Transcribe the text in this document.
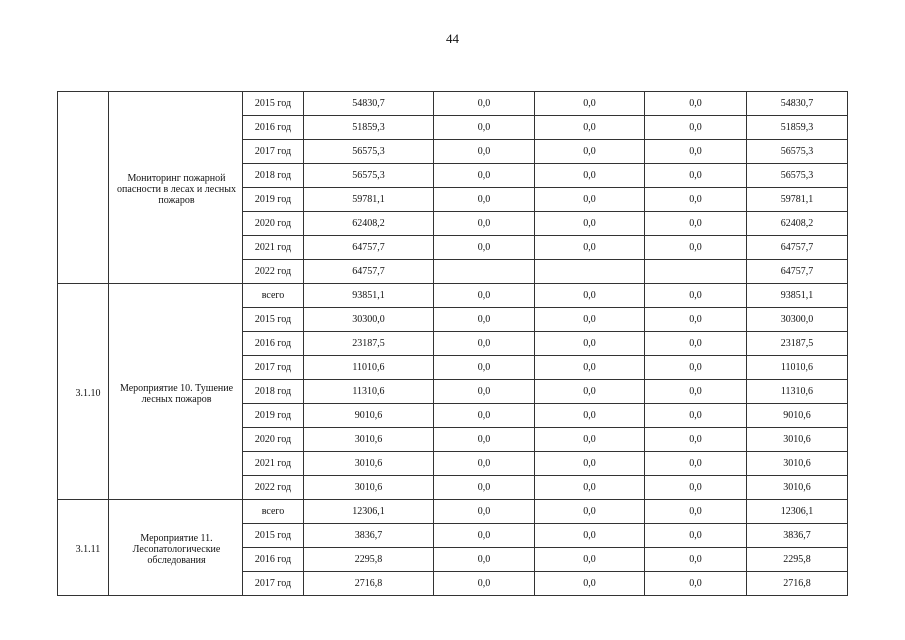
44
	Мониторинг пожарной опасности в лесах и лесных пожаров	2015 год	54830,7	0,0	0,0	0,0	54830,7
		2016 год	51859,3	0,0	0,0	0,0	51859,3
		2017 год	56575,3	0,0	0,0	0,0	56575,3
		2018 год	56575,3	0,0	0,0	0,0	56575,3
		2019 год	59781,1	0,0	0,0	0,0	59781,1
		2020 год	62408,2	0,0	0,0	0,0	62408,2
		2021 год	64757,7	0,0	0,0	0,0	64757,7
		2022 год	64757,7				64757,7
3.1.10	Мероприятие 10. Тушение лесных пожаров	всего	93851,1	0,0	0,0	0,0	93851,1
		2015 год	30300,0	0,0	0,0	0,0	30300,0
		2016 год	23187,5	0,0	0,0	0,0	23187,5
		2017 год	11010,6	0,0	0,0	0,0	11010,6
		2018 год	11310,6	0,0	0,0	0,0	11310,6
		2019 год	9010,6	0,0	0,0	0,0	9010,6
		2020 год	3010,6	0,0	0,0	0,0	3010,6
		2021 год	3010,6	0,0	0,0	0,0	3010,6
		2022 год	3010,6	0,0	0,0	0,0	3010,6
3.1.11	Мероприятие 11. Лесопатологические обследования	всего	12306,1	0,0	0,0	0,0	12306,1
		2015 год	3836,7	0,0	0,0	0,0	3836,7
		2016 год	2295,8	0,0	0,0	0,0	2295,8
		2017 год	2716,8	0,0	0,0	0,0	2716,8
